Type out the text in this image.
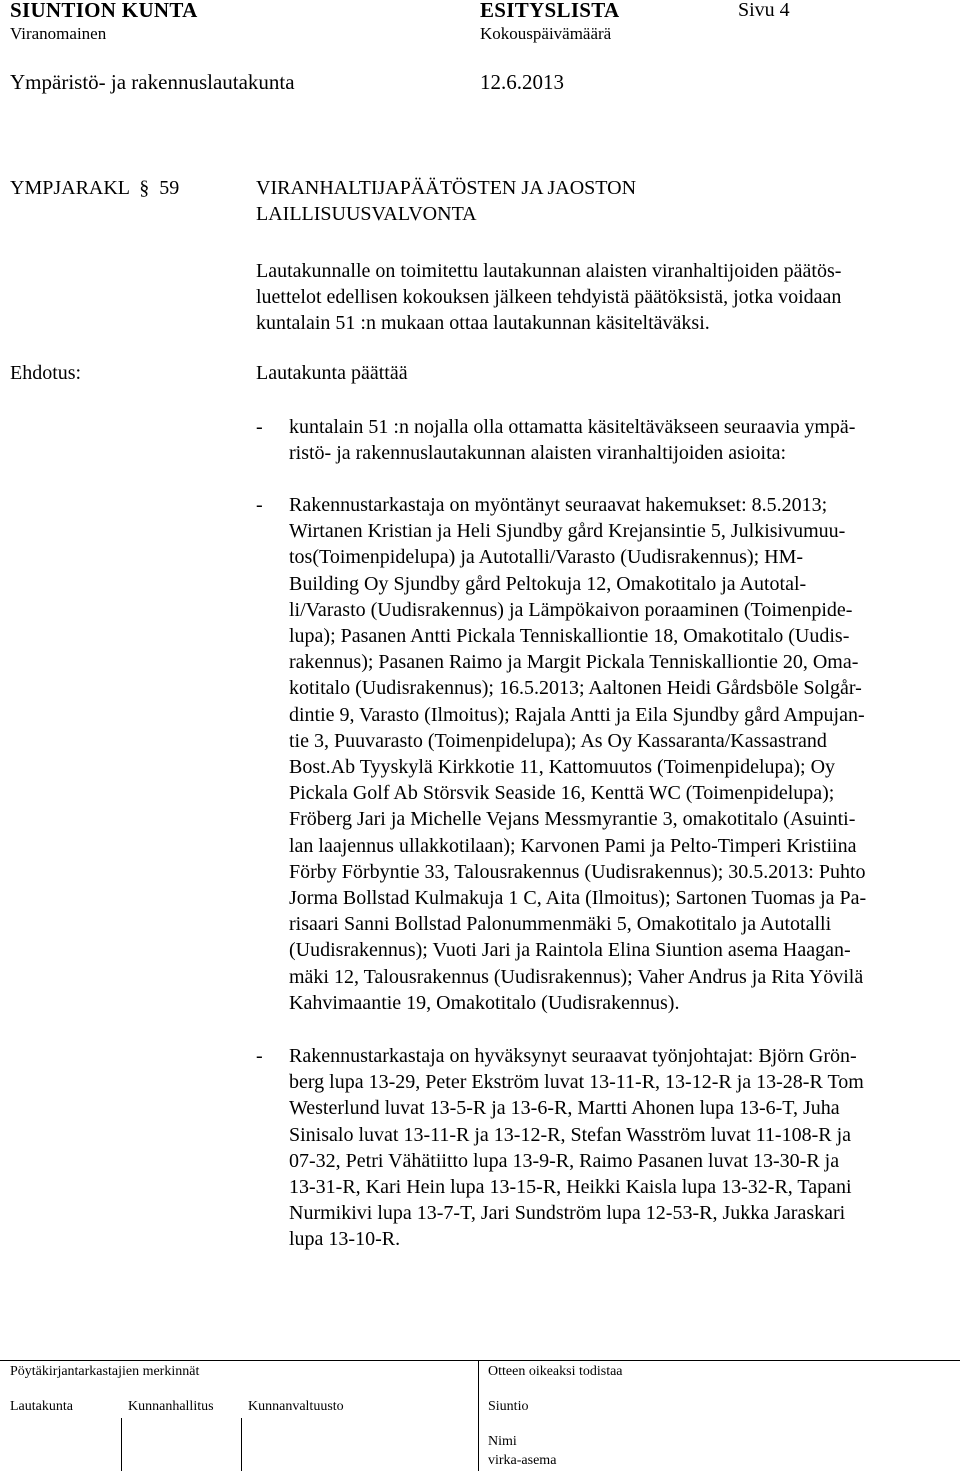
SIUNTION KUNTA	ESITYSLISTA	Sivu 4
Viranomainen	Kokouspäivämäärä
Ympäristö- ja rakennuslautakunta	12.6.2013
YMPJARAKL  §  59	VIRANHALTIJAPÄÄTÖSTEN JA JAOSTON
LAILLISUUSVALVONTA
Lautakunnalle on toimitettu lautakunnan alaisten viranhaltijoiden päätös-
luettelot edellisen kokouksen jälkeen tehdyistä päätöksistä, jotka voidaan
kuntalain 51 :n mukaan ottaa lautakunnan käsiteltäväksi.
Ehdotus:	Lautakunta päättää
- kuntalain 51 :n nojalla olla ottamatta käsiteltäväkseen seuraavia ympä-
ristö- ja rakennuslautakunnan alaisten viranhaltijoiden asioita:
- Rakennustarkastaja on myöntänyt seuraavat hakemukset: 8.5.2013;
Wirtanen Kristian ja Heli Sjundby gård Krejansintie 5, Julkisivumuu-
tos(Toimenpidelupa) ja Autotalli/Varasto (Uudisrakennus); HM-
Building Oy Sjundby gård Peltokuja 12, Omakotitalo ja Autotal-
li/Varasto (Uudisrakennus) ja Lämpökaivon poraaminen (Toimenpide-
lupa); Pasanen Antti Pickala Tenniskalliontie 18, Omakotitalo (Uudis-
rakennus); Pasanen Raimo ja Margit Pickala Tenniskalliontie 20, Oma-
kotitalo (Uudisrakennus); 16.5.2013; Aaltonen Heidi Gårdsböle Solgår-
dintie 9, Varasto (Ilmoitus); Rajala Antti ja Eila Sjundby gård Ampujan-
tie 3, Puuvarasto (Toimenpidelupa); As Oy Kassaranta/Kassastrand
Bost.Ab Tyyskylä Kirkkotie 11, Kattomuutos (Toimenpidelupa); Oy
Pickala Golf Ab Störsvik Seaside 16, Kenttä WC (Toimenpidelupa);
Fröberg Jari ja Michelle Vejans Messmyrantie 3, omakotitalo (Asuinti-
lan laajennus ullakkotilaan); Karvonen Pami ja Pelto-Timperi Kristiina
Förby Förbyntie 33, Talousrakennus (Uudisrakennus); 30.5.2013: Puhto
Jorma Bollstad Kulmakuja 1 C, Aita (Ilmoitus); Sartonen Tuomas ja Pa-
risaari Sanni Bollstad Palonummenmäki 5, Omakotitalo ja Autotalli
(Uudisrakennus); Vuoti Jari ja Raintola Elina Siuntion asema Haagan-
mäki 12, Talousrakennus (Uudisrakennus); Vaher Andrus ja Rita Yövilä
Kahvimaantie 19, Omakotitalo (Uudisrakennus).
- Rakennustarkastaja on hyväksynyt seuraavat työnjohtajat: Björn Grön-
berg lupa 13-29, Peter Ekström luvat 13-11-R, 13-12-R ja 13-28-R Tom
Westerlund luvat 13-5-R ja 13-6-R, Martti Ahonen lupa 13-6-T, Juha
Sinisalo luvat 13-11-R ja 13-12-R, Stefan Wasström luvat 11-108-R ja
07-32, Petri Vähätiitto lupa 13-9-R, Raimo Pasanen luvat 13-30-R ja
13-31-R, Kari Hein lupa 13-15-R, Heikki Kaisla lupa 13-32-R, Tapani
Nurmikivi lupa 13-7-T, Jari Sundström lupa 12-53-R, Jukka Jaraskari
lupa 13-10-R.
Pöytäkirjantarkastajien merkinnät	Otteen oikeaksi todistaa
Lautakunta	Kunnanhallitus Kunnanvaltuusto	Siuntio
Nimi
virka-asema
